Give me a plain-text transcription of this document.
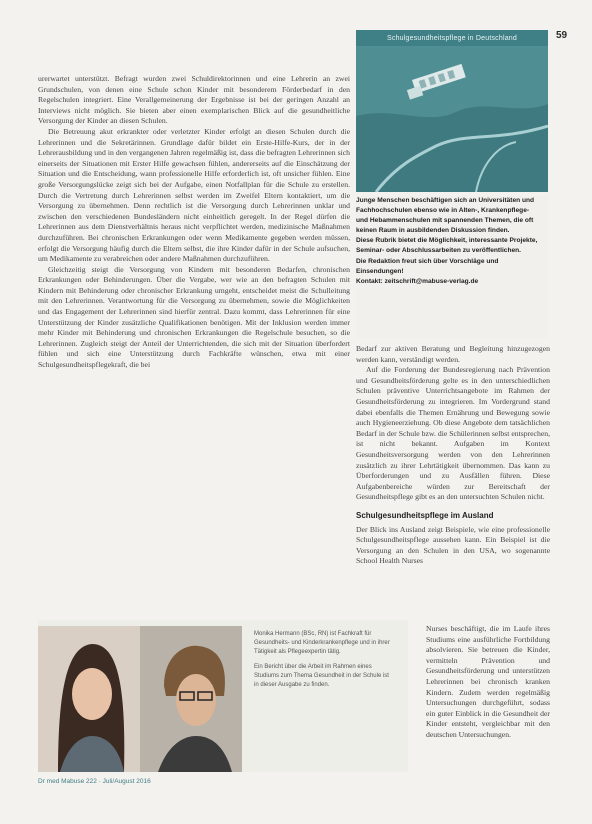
Schulgesundheitspflege in Deutschland	59

Junge Menschen beschäftigen sich an Universitäten und

Fachhochschulen ebenso wie in Alten-, Krankenpflege-

und Hebammenschulen mit spannenden Themen, die oft

keinen Raum in ausbildenden Diskussion finden.

Diese Rubrik bietet die Möglichkeit, interessante Projekte,

Seminar- oder Abschlussarbeiten zu veröffentlichen.

Die Redaktion freut sich über Vorschläge und

Einsendungen!

Kontakt: zeitschrift@mabuse-verlag.de

urerwartet unterstützt. Befragt wurden zwei Schuldirektorinnen und eine Lehrerin an zwei Grundschulen, von denen eine Schule schon Kinder mit besonderem Förderbedarf in den Regelschulen integriert. Eine Verallgemeinerung der Ergebnisse ist bei der geringen Anzahl an Interviews nicht möglich. Sie bieten aber einen exemplarischen Blick auf die gesundheitliche Versorgung der Kinder an diesen Schulen.

Die Betreuung akut erkrankter oder verletzter Kinder erfolgt an diesen Schulen durch die Lehrerinnen und die Sekretärinnen. Grundlage dafür bildet ein Erste-Hilfe-Kurs, der in der Lehrerausbildung und in den vergangenen Jahren regelmäßig ist, dass die befragten Lehrerinnen sich einerseits der Situationen mit Erster Hilfe gewachsen fühlen, andererseits auf die Einschätzung der Situation und die Entscheidung, wann professionelle Hilfe erforderlich ist, oft unsicher fühlen. Eine große Versorgungslücke zeigt sich bei der Aufgabe, einen Notfallplan für die Schule zu erstellen. Durch die Vertretung durch Lehrerinnen selbst werden im Zweifel Eltern kontaktiert, um die Versorgung zu übernehmen. Denn rechtlich ist die Versorgung durch Lehrerinnen unklar und zwischen den verschiedenen Bundesländern nicht einheitlich geregelt. In der Regel dürfen die Lehrerinnen aus dem Dienstverhältnis heraus nicht verpflichtet werden, medizinische Maßnahmen durchzuführen. Bei chronischen Erkrankungen oder wenn Medikamente gegeben werden müssen, erfolgt die Versorgung häufig durch die Eltern selbst, die ihre Kinder dafür in der Schule aufsuchen, um Medikamente zu verabreichen oder andere Maßnahmen durchzuführen.

Gleichzeitig steigt die Versorgung von Kindern mit besonderen Bedarfen, chronischen Erkrankungen oder Behinderungen. Über die Vergabe, wer wie an den befragten Schulen mit Kindern mit Behinderung oder chronischer Erkrankung umgeht, entscheidet meist die Schulleitung mit den Lehrerinnen. Verantwortung für die Versorgung zu übernehmen, sowie die Möglichkeiten und das Engagement der Lehrerinnen sind hierfür zentral. Dazu kommt, dass Lehrerinnen für eine Unterstützung der Kinder zusätzliche Qualifikationen benötigen. Mit der Inklusion werden immer mehr Kinder mit Behinderung und chronischen Erkrankungen die Regelschule besuchen, so die Lehrerinnen. Zugleich steigt der Anteil der Unterrichtenden, die sich mit der Situation überfordert fühlen und sich eine Unterstützung durch Fachkräfte wünschen, etwa mit einer Schulgesundheitspflegekraft, die bei

Bedarf zur aktiven Beratung und Begleitung hinzugezogen werden kann, verständigt werden.

Auf die Forderung der Bundesregierung nach Prävention und Gesundheitsförderung gelte es in den unterschiedlichen Schulen präventive Unterrichtsangebote im Rahmen der Gesundheitsförderung zu integrieren. Im Vordergrund stand dabei ebenfalls die Themen Ernährung und Bewegung sowie auch Hygieneerziehung. Ob diese Angebote dem tatsächlichen Bedarf in der Schule bzw. die Schülerinnen selbst entsprechen, ist nicht bekannt. Aufgaben im Kontext Gesundheitsversorgung werden von den Lehrerinnen zusätzlich zu ihrer Lehrtätigkeit übernommen. Das kann zu Überforderungen und zu Ausfällen führen. Diese Aufgabenbereiche würden zur Bereitschaft der Gesundheitspflege gibt es an den untersuchten Schulen nicht.

Schulgesundheitspflege im Ausland

Der Blick ins Ausland zeigt Beispiele, wie eine professionelle Schulgesundheitspflege aussehen kann. Ein Beispiel ist die Versorgung an den Schulen in den USA, wo sogenannte School Health Nurses

Nurses beschäftigt, die im Laufe ihres Studiums eine ausführliche Fortbildung absolvieren. Sie betreuen die Kinder, vermitteln Prävention und Gesundheitsförderung und unterstützen Lehrerinnen bei chronisch kranken Kindern. Zudem werden regelmäßig Untersuchungen durchgeführt, sodass ein guter Einblick in die Gesundheit der Kinder entsteht, vergleichbar mit den deutschen Untersuchungen.

Monika Hermann (BSc, RN) ist Fachkraft für Gesundheits- und Kinderkrankenpflege und in ihrer Tätigkeit als Pflegeexpertin tätig.

Ein Bericht über die Arbeit im Rahmen eines Studiums zum Thema Gesundheit in der Schule ist in dieser Ausgabe zu finden.

Dr med Mabuse 222 · Juli/August 2016
